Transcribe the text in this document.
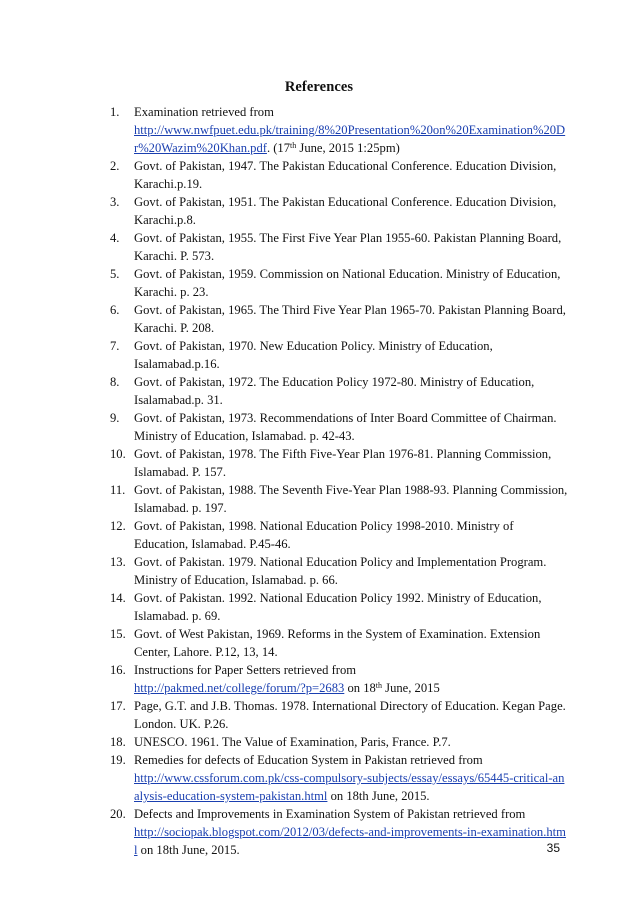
References
1.	Examination retrieved from
http://www.nwfpuet.edu.pk/training/8%20Presentation%20on%20Examination%20Dr%20Wazim%20Khan.pdf. (17th June, 2015 1:25pm)
2.	Govt. of Pakistan, 1947. The Pakistan Educational Conference. Education Division, Karachi.p.19.
3.	Govt. of Pakistan, 1951. The Pakistan Educational Conference. Education Division, Karachi.p.8.
4.	Govt. of Pakistan, 1955. The First Five Year Plan 1955-60. Pakistan Planning Board, Karachi. P. 573.
5.	Govt. of Pakistan, 1959. Commission on National Education. Ministry of Education, Karachi. p. 23.
6.	Govt. of Pakistan, 1965. The Third Five Year Plan 1965-70. Pakistan Planning Board, Karachi. P. 208.
7.	Govt. of Pakistan, 1970. New Education Policy. Ministry of Education, Isalamabad.p.16.
8.	Govt. of Pakistan, 1972. The Education Policy 1972-80. Ministry of Education, Isalamabad.p. 31.
9.	Govt. of Pakistan, 1973. Recommendations of Inter Board Committee of Chairman. Ministry of Education, Islamabad. p. 42-43.
10. Govt. of Pakistan, 1978. The Fifth Five-Year Plan 1976-81. Planning Commission, Islamabad. P. 157.
11. Govt. of Pakistan, 1988. The Seventh Five-Year Plan 1988-93. Planning Commission, Islamabad. p. 197.
12. Govt. of Pakistan, 1998. National Education Policy 1998-2010. Ministry of Education, Islamabad. P.45-46.
13. Govt. of Pakistan. 1979. National Education Policy and Implementation Program. Ministry of Education, Islamabad. p. 66.
14. Govt. of Pakistan. 1992. National Education Policy 1992. Ministry of Education, Islamabad. p. 69.
15. Govt. of West Pakistan, 1969. Reforms in the System of Examination. Extension Center, Lahore. P.12, 13, 14.
16. Instructions for Paper Setters retrieved from
http://pakmed.net/college/forum/?p=2683 on 18th June, 2015
17. Page, G.T. and J.B. Thomas. 1978. International Directory of Education. Kegan Page. London. UK. P.26.
18. UNESCO. 1961. The Value of Examination, Paris, France. P.7.
19. Remedies for defects of Education System in Pakistan retrieved from
http://www.cssforum.com.pk/css-compulsory-subjects/essay/essays/65445-critical-analysis-education-system-pakistan.html on 18th June, 2015.
20. Defects and Improvements in Examination System of Pakistan retrieved from
http://sociopak.blogspot.com/2012/03/defects-and-improvements-in-examination.html on 18th June, 2015.	35
